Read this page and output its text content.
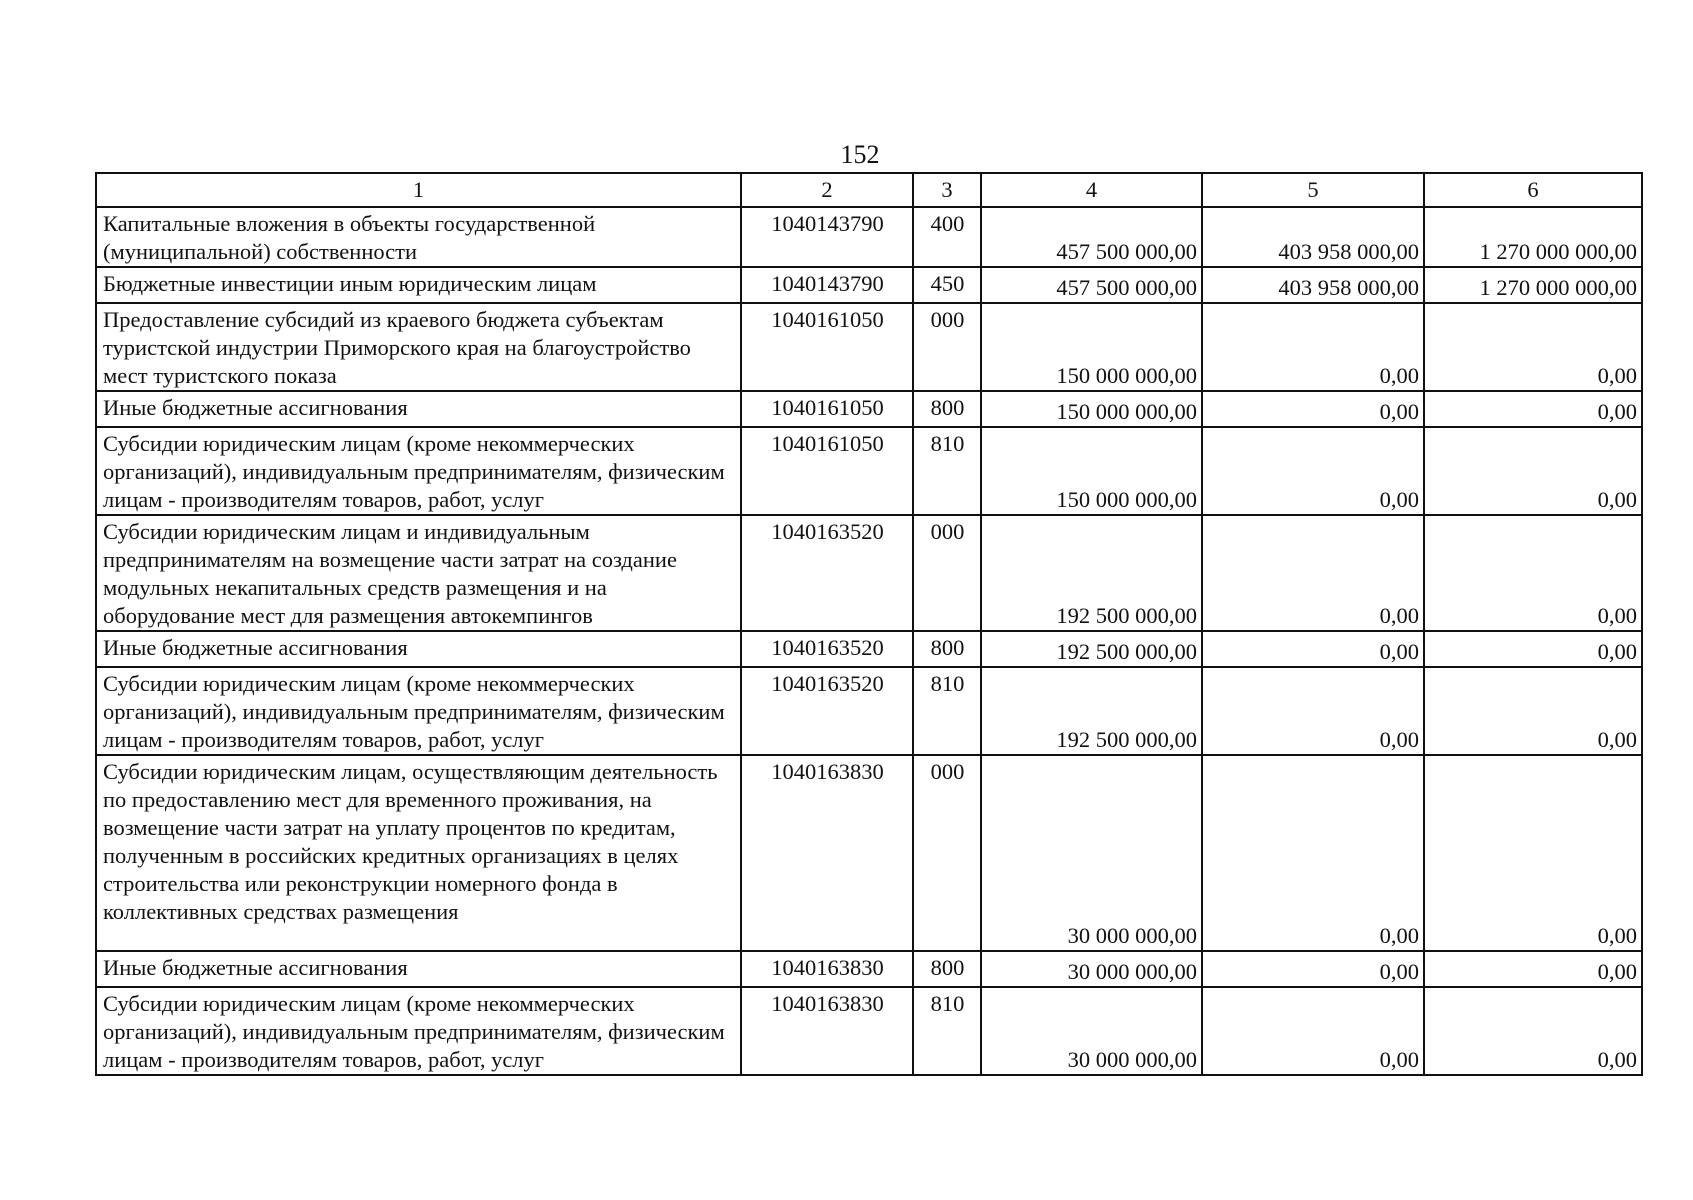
152
1	2	3	4	5	6
Капитальные вложения в объекты государственной (муниципальной) собственности	1040143790	400	457 500 000,00	403 958 000,00	1 270 000 000,00
Бюджетные инвестиции иным юридическим лицам	1040143790	450	457 500 000,00	403 958 000,00	1 270 000 000,00
Предоставление субсидий из краевого бюджета субъектам туристской индустрии Приморского края на благоустройство мест туристского показа	1040161050	000	150 000 000,00	0,00	0,00
Иные бюджетные ассигнования	1040161050	800	150 000 000,00	0,00	0,00
Субсидии юридическим лицам (кроме некоммерческих организаций), индивидуальным предпринимателям, физическим лицам - производителям товаров, работ, услуг	1040161050	810	150 000 000,00	0,00	0,00
Субсидии юридическим лицам и индивидуальным предпринимателям на возмещение части затрат на создание модульных некапитальных средств размещения и на оборудование мест для размещения автокемпингов	1040163520	000	192 500 000,00	0,00	0,00
Иные бюджетные ассигнования	1040163520	800	192 500 000,00	0,00	0,00
Субсидии юридическим лицам (кроме некоммерческих организаций), индивидуальным предпринимателям, физическим лицам - производителям товаров, работ, услуг	1040163520	810	192 500 000,00	0,00	0,00
Субсидии юридическим лицам, осуществляющим деятельность по предоставлению мест для временного проживания, на возмещение части затрат на уплату процентов по кредитам, полученным в российских кредитных организациях в целях строительства или реконструкции номерного фонда в коллективных средствах размещения	1040163830	000	30 000 000,00	0,00	0,00
Иные бюджетные ассигнования	1040163830	800	30 000 000,00	0,00	0,00
Субсидии юридическим лицам (кроме некоммерческих организаций), индивидуальным предпринимателям, физическим лицам - производителям товаров, работ, услуг	1040163830	810	30 000 000,00	0,00	0,00
